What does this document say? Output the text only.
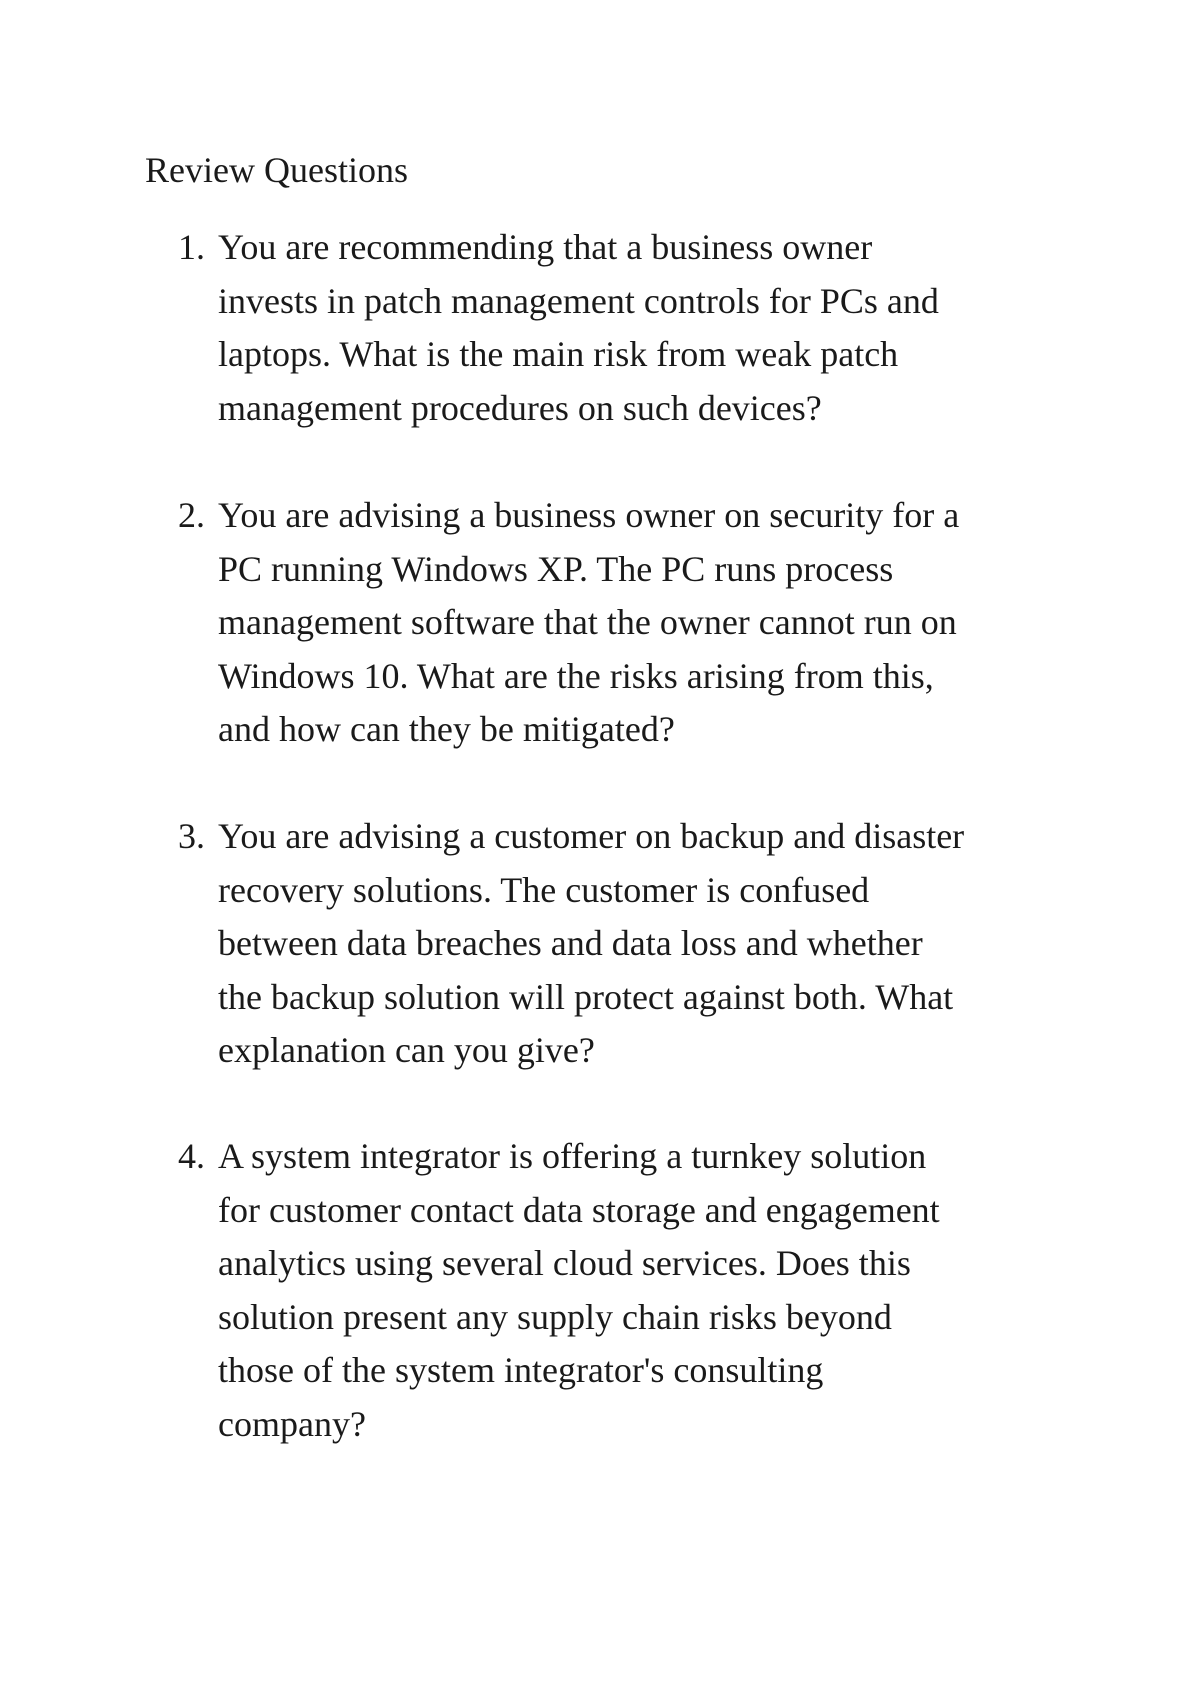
Review Questions
1. You are recommending that a business owner
invests in patch management controls for PCs and
laptops. What is the main risk from weak patch
management procedures on such devices?
2. You are advising a business owner on security for a
PC running Windows XP. The PC runs process
management software that the owner cannot run on
Windows 10. What are the risks arising from this,
and how can they be mitigated?
3. You are advising a customer on backup and disaster
recovery solutions. The customer is confused
between data breaches and data loss and whether
the backup solution will protect against both. What
explanation can you give?
4. A system integrator is offering a turnkey solution
for customer contact data storage and engagement
analytics using several cloud services. Does this
solution present any supply chain risks beyond
those of the system integrator's consulting
company?
